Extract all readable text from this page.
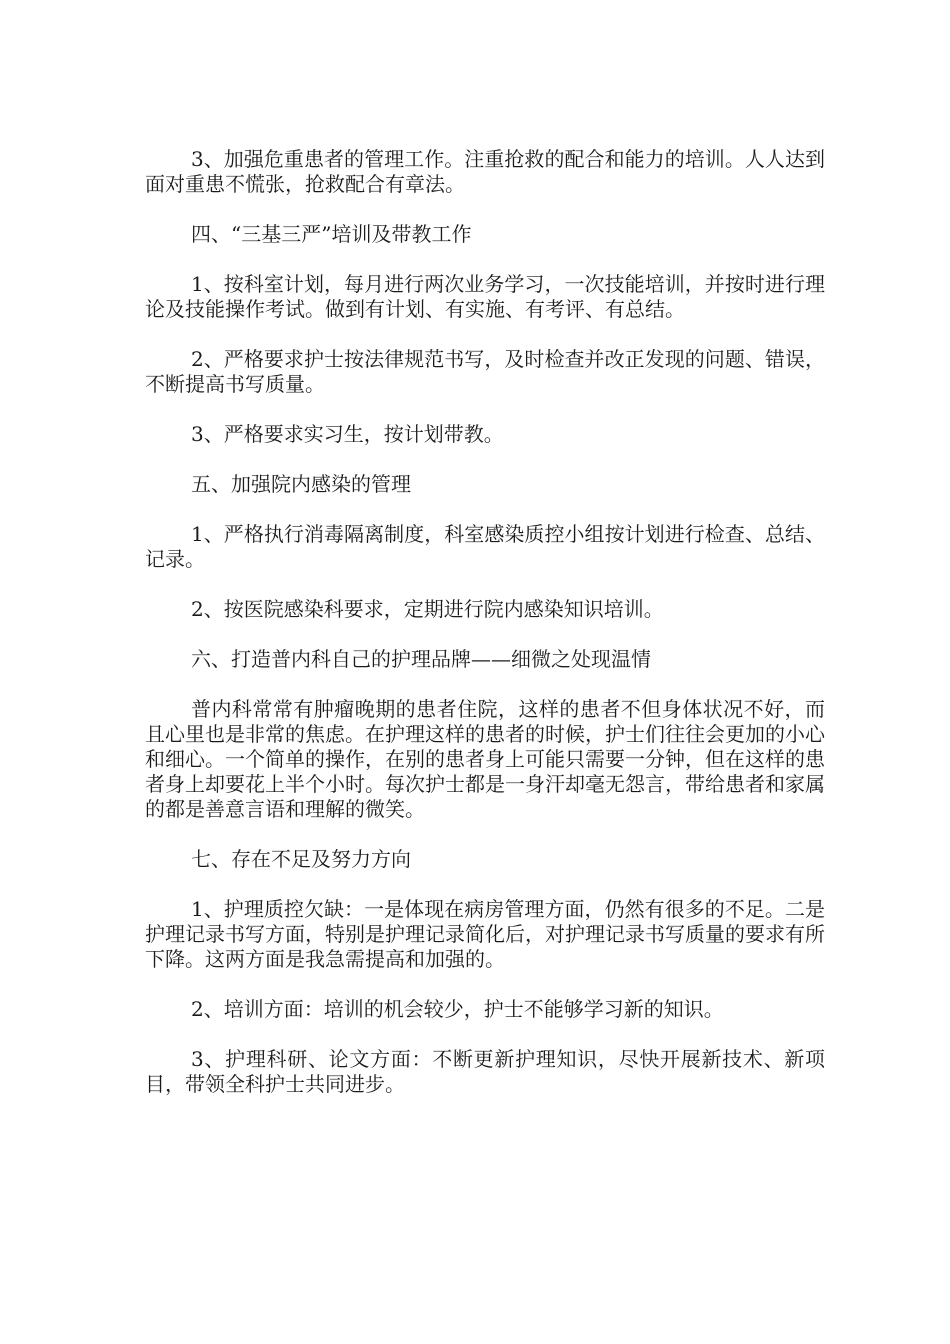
3、加强危重患者的管理工作。注重抢救的配合和能力的培训。人人达到面对重患不慌张，抢救配合有章法。

四、“三基三严”培训及带教工作

1、按科室计划，每月进行两次业务学习，一次技能培训，并按时进行理论及技能操作考试。做到有计划、有实施、有考评、有总结。

2、严格要求护士按法律规范书写，及时检查并改正发现的问题、错误，不断提高书写质量。

3、严格要求实习生，按计划带教。

五、加强院内感染的管理

1、严格执行消毒隔离制度，科室感染质控小组按计划进行检查、总结、记录。

2、按医院感染科要求，定期进行院内感染知识培训。

六、打造普内科自己的护理品牌——细微之处现温情

普内科常常有肿瘤晚期的患者住院，这样的患者不但身体状况不好，而且心里也是非常的焦虑。在护理这样的患者的时候，护士们往往会更加的小心和细心。一个简单的操作，在别的患者身上可能只需要一分钟，但在这样的患者身上却要花上半个小时。每次护士都是一身汗却毫无怨言，带给患者和家属的都是善意言语和理解的微笑。

七、存在不足及努力方向

1、护理质控欠缺：一是体现在病房管理方面，仍然有很多的不足。二是护理记录书写方面，特别是护理记录简化后，对护理记录书写质量的要求有所下降。这两方面是我急需提高和加强的。

2、培训方面：培训的机会较少，护士不能够学习新的知识。

3、护理科研、论文方面：不断更新护理知识，尽快开展新技术、新项目，带领全科护士共同进步。
